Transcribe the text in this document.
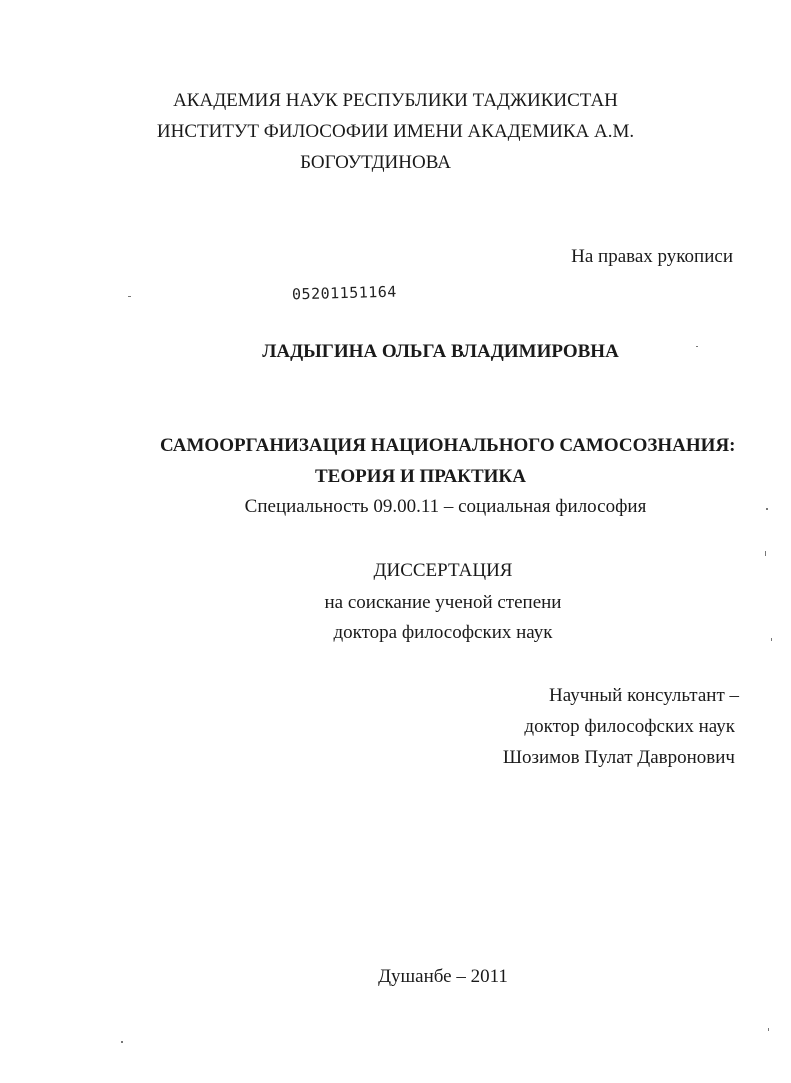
АКАДЕМИЯ НАУК РЕСПУБЛИКИ ТАДЖИКИСТАН
ИНСТИТУТ ФИЛОСОФИИ ИМЕНИ АКАДЕМИКА А.М.
БОГОУТДИНОВА
На правах рукописи
05201151164
ЛАДЫГИНА ОЛЬГА ВЛАДИМИРОВНА
САМООРГАНИЗАЦИЯ НАЦИОНАЛЬНОГО САМОСОЗНАНИЯ:
ТЕОРИЯ И ПРАКТИКА
Специальность 09.00.11 – социальная философия
ДИССЕРТАЦИЯ
на соискание ученой степени
доктора философских наук
Научный консультант –
доктор философских наук
Шозимов Пулат Давронович
Душанбе – 2011
